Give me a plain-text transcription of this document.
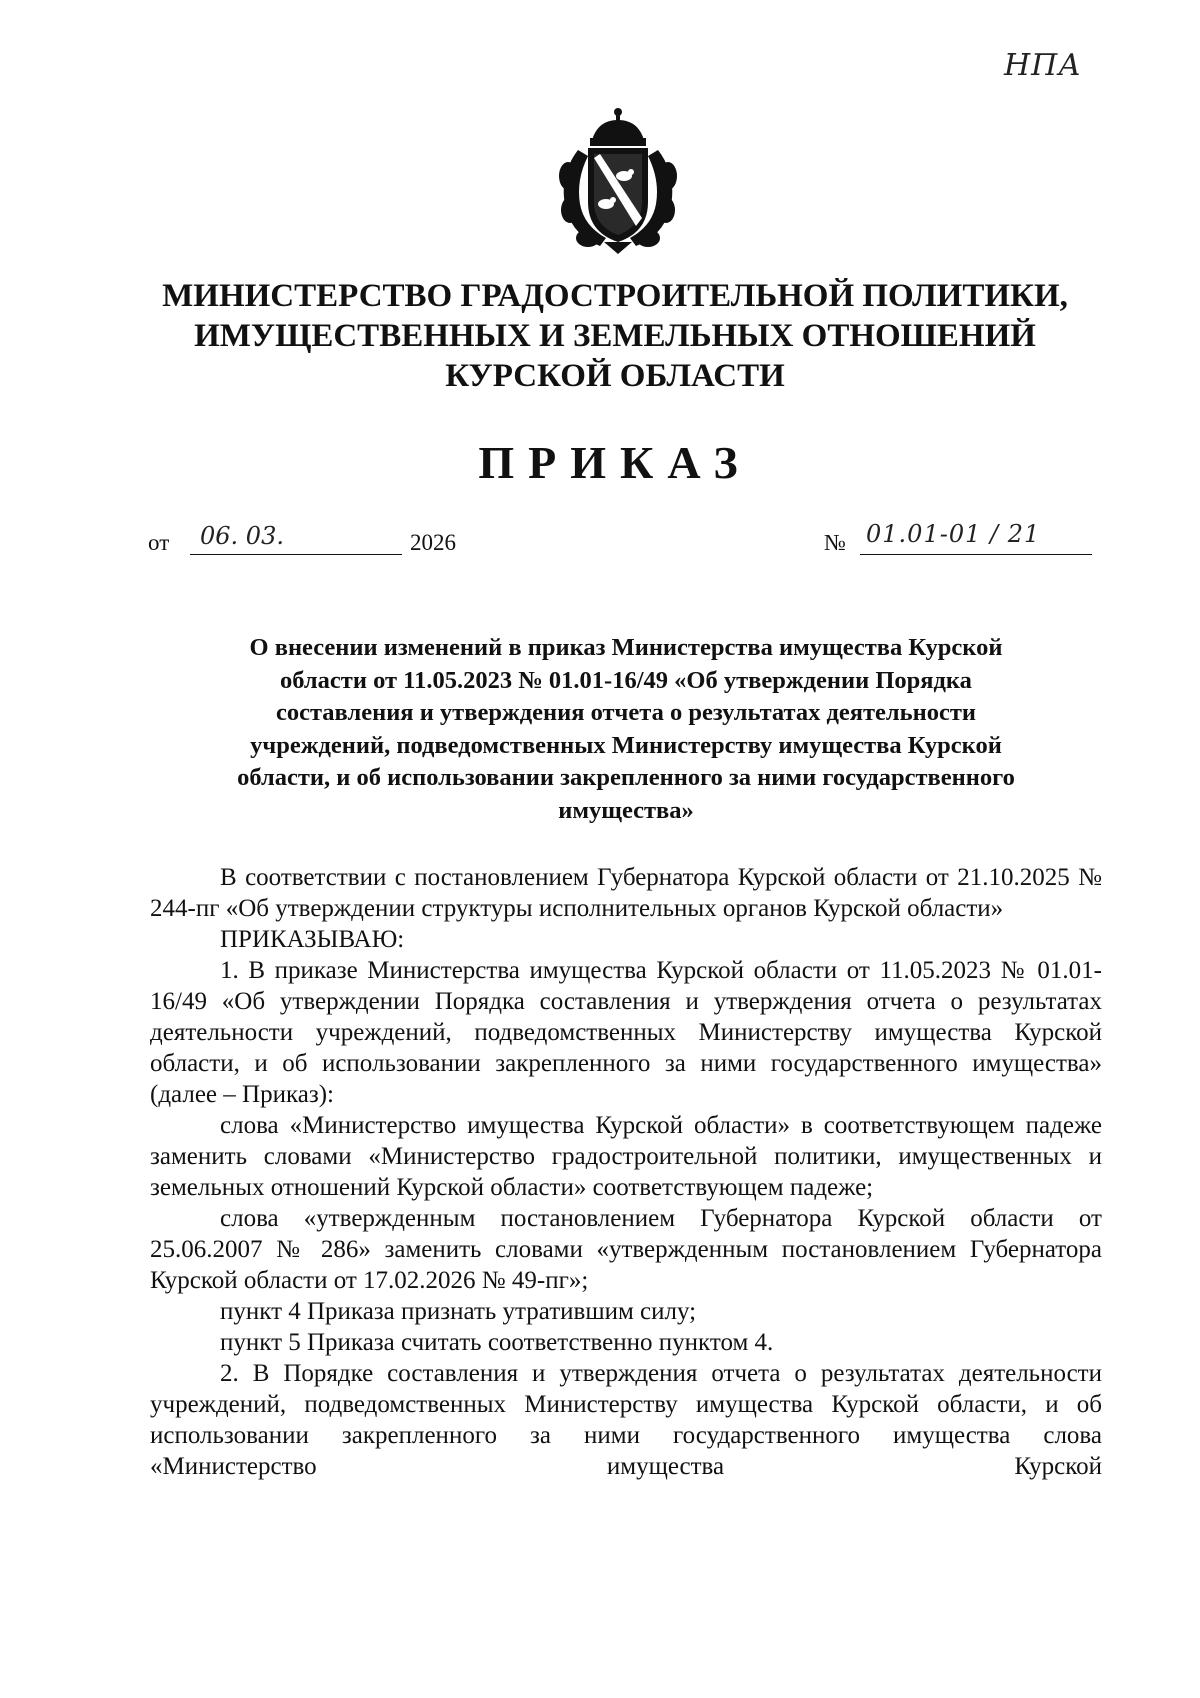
НПА
МИНИСТЕРСТВО ГРАДОСТРОИТЕЛЬНОЙ ПОЛИТИКИ,
ИМУЩЕСТВЕННЫХ И ЗЕМЕЛЬНЫХ ОТНОШЕНИЙ
КУРСКОЙ ОБЛАСТИ
ПРИКАЗ
от 06. 03.	2026	№ 01.01-01 / 21
О внесении изменений в приказ Министерства имущества Курской
области от 11.05.2023 № 01.01-16/49 «Об утверждении Порядка
составления и утверждения отчета о результатах деятельности
учреждений, подведомственных Министерству имущества Курской
области, и об использовании закрепленного за ними государственного
имущества»

В соответствии с постановлением Губернатора Курской области от 21.10.2025 № 244-пг «Об утверждении структуры исполнительных органов Курской области»

ПРИКАЗЫВАЮ:

1. В приказе Министерства имущества Курской области от 11.05.2023 № 01.01-16/49 «Об утверждении Порядка составления и утверждения отчета о результатах деятельности учреждений, подведомственных Министерству имущества Курской области, и об использовании закрепленного за ними государственного имущества» (далее – Приказ):

слова «Министерство имущества Курской области» в соответствующем падеже заменить словами «Министерство градостроительной политики, имущественных и земельных отношений Курской области» соответствующем падеже;

слова «утвержденным постановлением Губернатора Курской области от 25.06.2007 № 286» заменить словами «утвержденным постановлением Губернатора Курской области от 17.02.2026 № 49-пг»;

пункт 4 Приказа признать утратившим силу;

пункт 5 Приказа считать соответственно пунктом 4.

2. В Порядке составления и утверждения отчета о результатах деятельности учреждений, подведомственных Министерству имущества Курской области, и об использовании закрепленного за ними государственного имущества слова «Министерство имущества Курской
